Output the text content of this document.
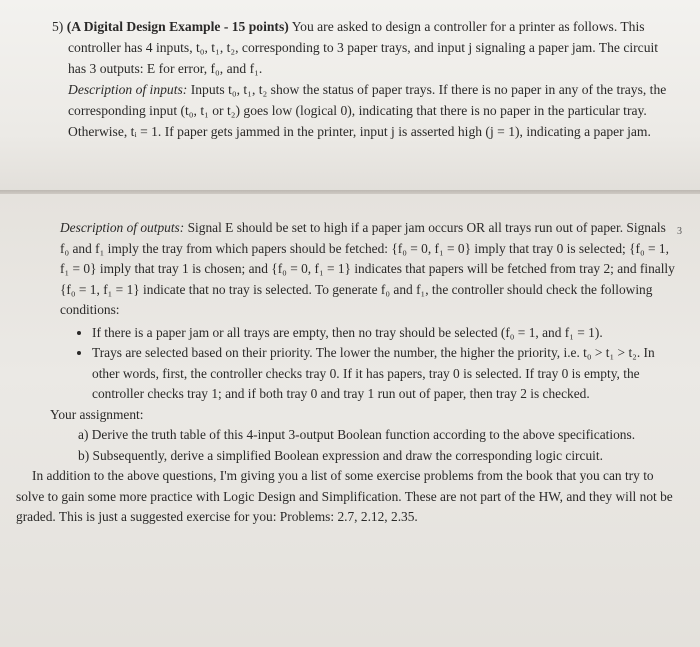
5) (A Digital Design Example - 15 points) You are asked to design a controller for a printer as follows. This controller has 4 inputs, t₀, t₁, t₂, corresponding to 3 paper trays, and input j signaling a paper jam. The circuit has 3 outputs: E for error, f₀, and f₁.

Description of inputs: Inputs t₀, t₁, t₂ show the status of paper trays. If there is no paper in any of the trays, the corresponding input (t₀, t₁ or t₂) goes low (logical 0), indicating that there is no paper in the particular tray. Otherwise, tᵢ = 1. If paper gets jammed in the printer, input j is asserted high (j = 1), indicating a paper jam.

3

Description of outputs: Signal E should be set to high if a paper jam occurs OR all trays run out of paper. Signals f₀ and f₁ imply the tray from which papers should be fetched: {f₀ = 0, f₁ = 0} imply that tray 0 is selected; {f₀ = 1, f₁ = 0} imply that tray 1 is chosen; and {f₀ = 0, f₁ = 1} indicates that papers will be fetched from tray 2; and finally {f₀ = 1, f₁ = 1} indicate that no tray is selected. To generate f₀ and f₁, the controller should check the following conditions:

• If there is a paper jam or all trays are empty, then no tray should be selected (f₀ = 1, and f₁ = 1).
• Trays are selected based on their priority. The lower the number, the higher the priority, i.e. t₀ > t₁ > t₂. In other words, first, the controller checks tray 0. If it has papers, tray 0 is selected. If tray 0 is empty, the controller checks tray 1; and if both tray 0 and tray 1 run out of paper, then tray 2 is checked.

Your assignment:

a) Derive the truth table of this 4-input 3-output Boolean function according to the above specifications.
b) Subsequently, derive a simplified Boolean expression and draw the corresponding logic circuit.

In addition to the above questions, I'm giving you a list of some exercise problems from the book that you can try to solve to gain some more practice with Logic Design and Simplification. These are not part of the HW, and they will not be graded. This is just a suggested exercise for you: Problems: 2.7, 2.12, 2.35.
